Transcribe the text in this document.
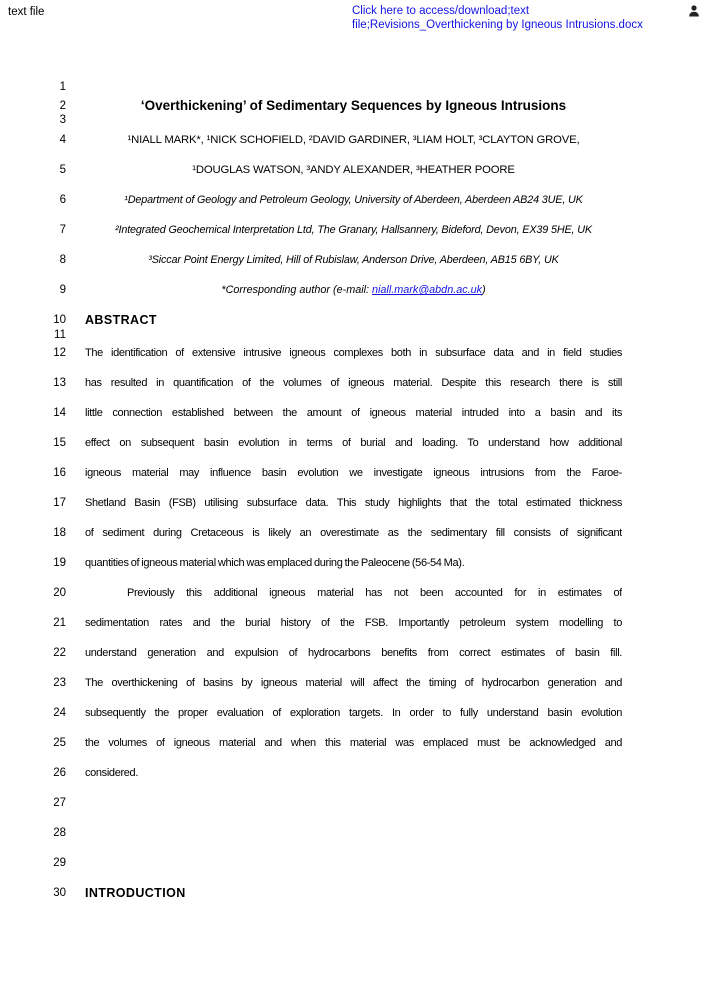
text file	Click here to access/download;text
file;Revisions_Overthickening by Igneous Intrusions.docx
1
2	‘Overthickening’ of Sedimentary Sequences by Igneous Intrusions
3
4	¹NIALL MARK*, ¹NICK SCHOFIELD, ²DAVID GARDINER, ³LIAM HOLT, ³CLAYTON GROVE,
5	¹DOUGLAS WATSON, ³ANDY ALEXANDER, ³HEATHER POORE
6	¹Department of Geology and Petroleum Geology, University of Aberdeen, Aberdeen AB24 3UE, UK
7	²Integrated Geochemical Interpretation Ltd, The Granary, Hallsannery, Bideford, Devon, EX39 5HE, UK
8	³Siccar Point Energy Limited, Hill of Rubislaw, Anderson Drive, Aberdeen, AB15 6BY, UK
9	*Corresponding author (e-mail: niall.mark@abdn.ac.uk)
10 ABSTRACT
11
12 The identification of extensive intrusive igneous complexes both in subsurface data and in field studies
13 has resulted in quantification of the volumes of igneous material. Despite this research there is still
14 little connection established between the amount of igneous material intruded into a basin and its
15 effect on subsequent basin evolution in terms of burial and loading. To understand how additional
16 igneous material may influence basin evolution we investigate igneous intrusions from the Faroe-
17 Shetland Basin (FSB) utilising subsurface data. This study highlights that the total estimated thickness
18 of sediment during Cretaceous is likely an overestimate as the sedimentary fill consists of significant
19 quantities of igneous material which was emplaced during the Paleocene (56-54 Ma).
20	Previously this additional igneous material has not been accounted for in estimates of
21 sedimentation rates and the burial history of the FSB. Importantly petroleum system modelling to
22 understand generation and expulsion of hydrocarbons benefits from correct estimates of basin fill.
23 The overthickening of basins by igneous material will affect the timing of hydrocarbon generation and
24 subsequently the proper evaluation of exploration targets. In order to fully understand basin evolution
25 the volumes of igneous material and when this material was emplaced must be acknowledged and
26 considered.
27
28
29
30 INTRODUCTION
